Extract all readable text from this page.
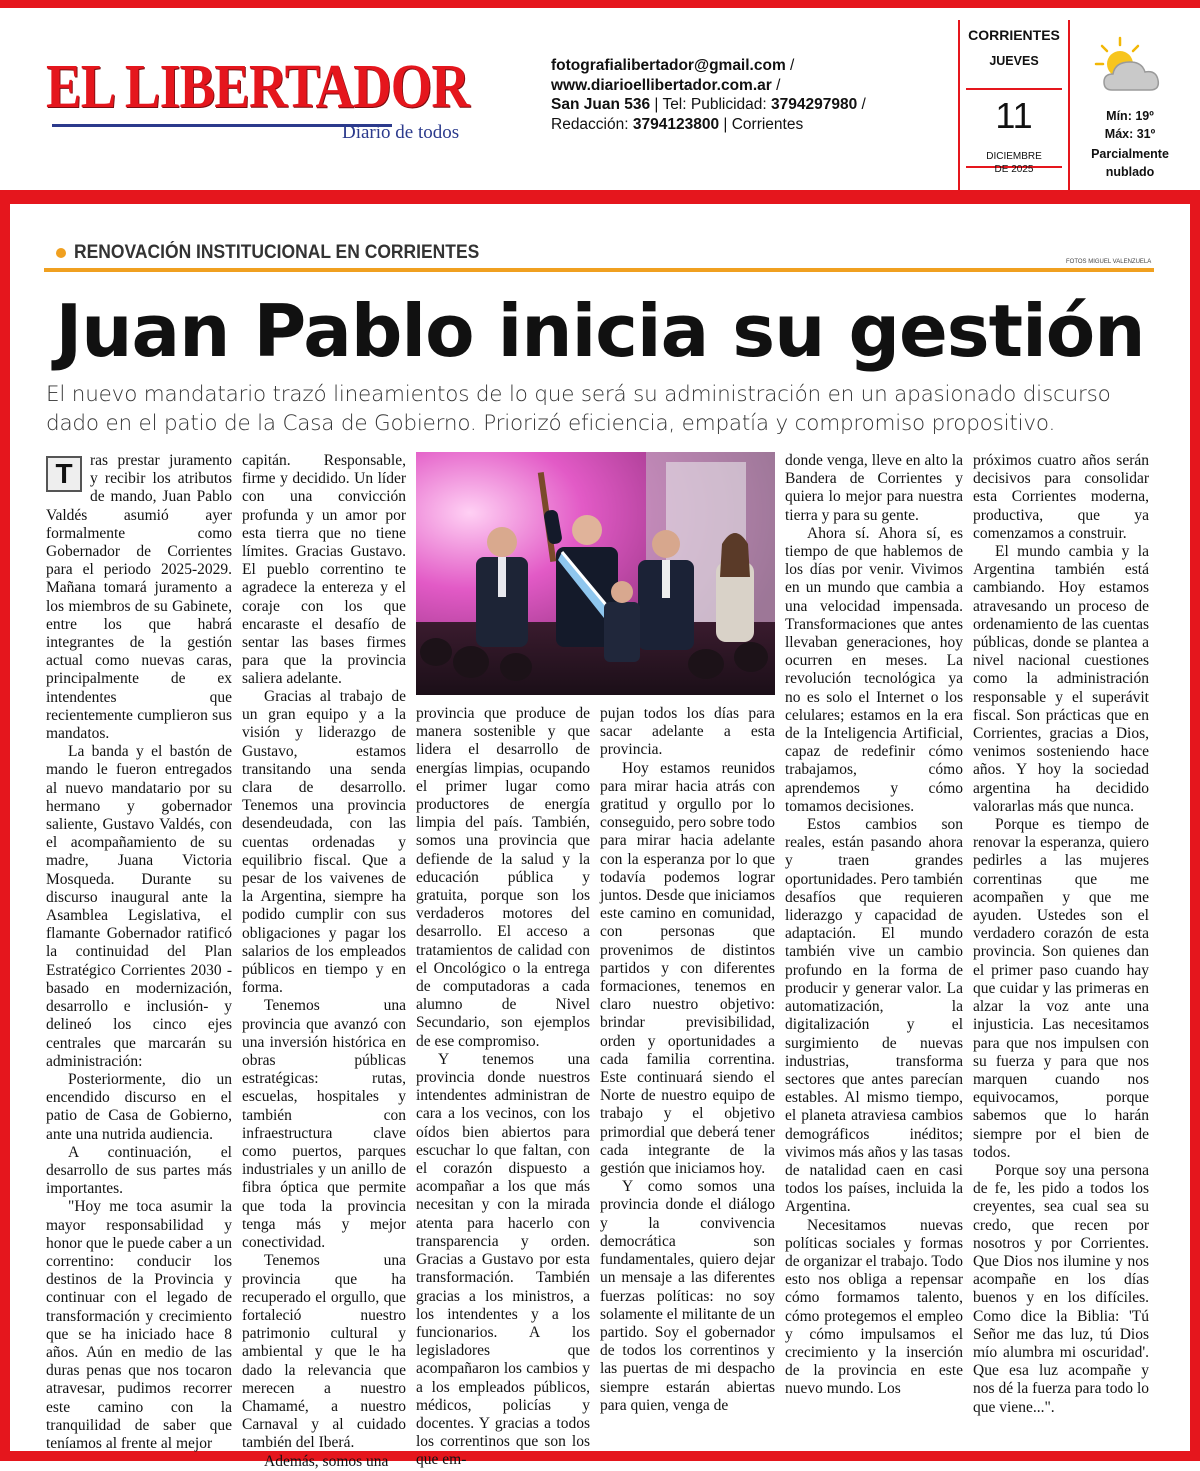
EL LIBERTADOR
Diario de todos
fotografialibertador@gmail.com /
www.diarioellibertador.com.ar /
San Juan 536 | Tel: Publicidad: 3794297980 /
Redacción: 3794123800 | Corrientes
CORRIENTES
JUEVES
11
DICIEMBRE
DE 2025
Mín: 19º
Máx: 31º
Parcialmente nublado
RENOVACIÓN INSTITUCIONAL EN CORRIENTES	FOTOS MIGUEL VALENZUELA
Juan Pablo inicia su gestión
El nuevo mandatario trazó lineamientos de lo que será su administración en un apasionado discurso dado en el patio de la Casa de Gobierno. Priorizó eficiencia, empatía y compromiso propositivo.
T	ras prestar juramento y recibir los atributos de mando, Juan Pablo Valdés asumió ayer formalmente como Gobernador de Corrientes para el periodo 2025-2029. Mañana tomará juramento a los miembros de su Gabinete, entre los que habrá integrantes de la gestión actual como nuevas caras, principalmente de ex intendentes que recientemente cumplieron sus mandatos.

La banda y el bastón de mando le fueron entregados al nuevo mandatario por su hermano y gobernador saliente, Gustavo Valdés, con el acompañamiento de su madre, Juana Victoria Mosqueda. Durante su discurso inaugural ante la Asamblea Legislativa, el flamante Gobernador ratificó la continuidad del Plan Estratégico Corrientes 2030 -basado en modernización, desarrollo e inclusión- y delineó los cinco ejes centrales que marcarán su administración:

Posteriormente, dio un encendido discurso en el patio de Casa de Gobierno, ante una nutrida audiencia.

A continuación, el desarrollo de sus partes más importantes.

"Hoy me toca asumir la mayor responsabilidad y honor que le puede caber a un correntino: conducir los destinos de la Provincia y continuar con el legado de transformación y crecimiento que se ha iniciado hace 8 años. Aún en medio de las duras penas que nos tocaron atravesar, pudimos recorrer este camino con la tranquilidad de saber que teníamos al frente al mejor

capitán. Responsable, firme y decidido. Un líder con una convicción profunda y un amor por esta tierra que no tiene límites. Gracias Gustavo. El pueblo correntino te agradece la entereza y el coraje con los que encaraste el desafío de sentar las bases firmes para que la provincia saliera adelante.

Gracias al trabajo de un gran equipo y a la visión y liderazgo de Gustavo, estamos transitando una senda clara de desarrollo. Tenemos una provincia desendeudada, con las cuentas ordenadas y equilibrio fiscal. Que a pesar de los vaivenes de la Argentina, siempre ha podido cumplir con sus obligaciones y pagar los salarios de los empleados públicos en tiempo y en forma.

Tenemos una provincia que avanzó con una inversión histórica en obras públicas estratégicas: rutas, escuelas, hospitales y también con infraestructura clave como puertos, parques industriales y un anillo de fibra óptica que permite que toda la provincia tenga más y mejor conectividad.

Tenemos una provincia que ha recuperado el orgullo, que fortaleció nuestro patrimonio cultural y ambiental y que le ha dado la relevancia que merecen a nuestro Chamamé, a nuestro Carnaval y al cuidado también del Iberá.

Además, somos una

provincia que produce de manera sostenible y que lidera el desarrollo de energías limpias, ocupando el primer lugar como productores de energía limpia del país. También, somos una provincia que defiende de la salud y la educación pública y gratuita, porque son los verdaderos motores del desarrollo. El acceso a tratamientos de calidad con el Oncológico o la entrega de computadoras a cada alumno de Nivel Secundario, son ejemplos de ese compromiso.

Y tenemos una provincia donde nuestros intendentes administran de cara a los vecinos, con los oídos bien abiertos para escuchar lo que faltan, con el corazón dispuesto a acompañar a los que más necesitan y con la mirada atenta para hacerlo con transparencia y orden. Gracias a Gustavo por esta transformación. También gracias a los ministros, a los intendentes y a los funcionarios. A los legisladores que acompañaron los cambios y a los empleados públicos, médicos, policías y docentes. Y gracias a todos los correntinos que son los que em-

pujan todos los días para sacar adelante a esta provincia.

Hoy estamos reunidos para mirar hacia atrás con gratitud y orgullo por lo conseguido, pero sobre todo para mirar hacia adelante con la esperanza por lo que todavía podemos lograr juntos. Desde que iniciamos este camino en comunidad, con personas que provenimos de distintos partidos y con diferentes formaciones, tenemos en claro nuestro objetivo: brindar previsibilidad, orden y oportunidades a cada familia correntina. Este continuará siendo el Norte de nuestro equipo de trabajo y el objetivo primordial que deberá tener cada integrante de la gestión que iniciamos hoy.

Y como somos una provincia donde el diálogo y la convivencia democrática son fundamentales, quiero dejar un mensaje a las diferentes fuerzas políticas: no soy solamente el militante de un partido. Soy el gobernador de todos los correntinos y las puertas de mi despacho siempre estarán abiertas para quien, venga de

donde venga, lleve en alto la Bandera de Corrientes y quiera lo mejor para nuestra tierra y para su gente.

Ahora sí. Ahora sí, es tiempo de que hablemos de los días por venir. Vivimos en un mundo que cambia a una velocidad impensada. Transformaciones que antes llevaban generaciones, hoy ocurren en meses. La revolución tecnológica ya no es solo el Internet o los celulares; estamos en la era de la Inteligencia Artificial, capaz de redefinir cómo trabajamos, cómo aprendemos y cómo tomamos decisiones.

Estos cambios son reales, están pasando ahora y traen grandes oportunidades. Pero también desafíos que requieren liderazgo y capacidad de adaptación. El mundo también vive un cambio profundo en la forma de producir y generar valor. La automatización, la digitalización y el surgimiento de nuevas industrias, transforma sectores que antes parecían estables. Al mismo tiempo, el planeta atraviesa cambios demográficos inéditos; vivimos más años y las tasas de natalidad caen en casi todos los países, incluida la Argentina.

Necesitamos nuevas políticas sociales y formas de organizar el trabajo. Todo esto nos obliga a repensar cómo formamos talento, cómo protegemos el empleo y cómo impulsamos el crecimiento y la inserción de la provincia en este nuevo mundo. Los

próximos cuatro años serán decisivos para consolidar esta Corrientes moderna, productiva, que ya comenzamos a construir.

El mundo cambia y la Argentina también está cambiando. Hoy estamos atravesando un proceso de ordenamiento de las cuentas públicas, donde se plantea a nivel nacional cuestiones como la administración responsable y el superávit fiscal. Son prácticas que en Corrientes, gracias a Dios, venimos sosteniendo hace años. Y hoy la sociedad argentina ha decidido valorarlas más que nunca.

Porque es tiempo de renovar la esperanza, quiero pedirles a las mujeres correntinas que me acompañen y que me ayuden. Ustedes son el verdadero corazón de esta provincia. Son quienes dan el primer paso cuando hay que cuidar y las primeras en alzar la voz ante una injusticia. Las necesitamos para que nos impulsen con su fuerza y para que nos marquen cuando nos equivocamos, porque sabemos que lo harán siempre por el bien de todos.

Porque soy una persona de fe, les pido a todos los creyentes, sea cual sea su credo, que recen por nosotros y por Corrientes. Que Dios nos ilumine y nos acompañe en los días buenos y en los difíciles. Como dice la Biblia: 'Tú Señor me das luz, tú Dios mío alumbra mi oscuridad'. Que esa luz acompañe y nos dé la fuerza para todo lo que viene...".
